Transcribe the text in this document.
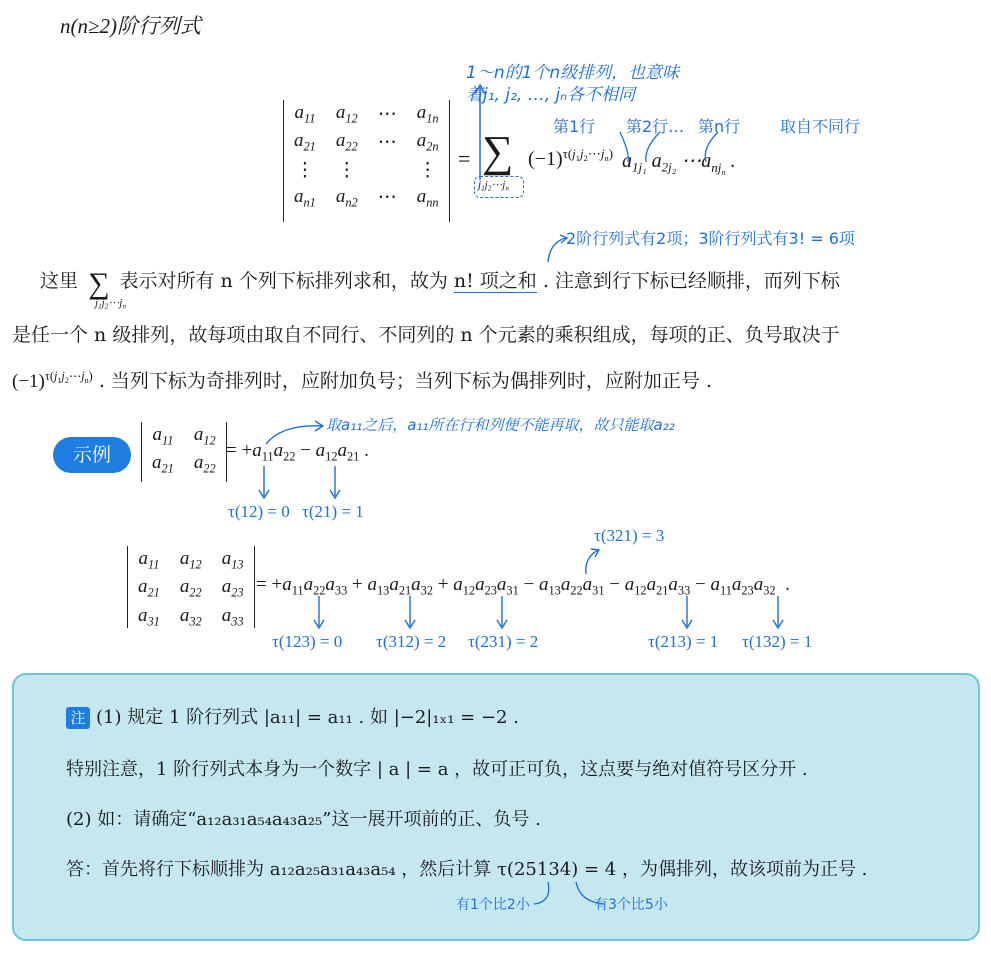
n(n≥2)阶行列式
1～n的1个n级排列，也意味
着j₁, j₂, …, jₙ各不相同
第1行 第2行… 第n行 取自不同行
$a_{11}$	$a_{12}$	⋯	$a_{1n}$
$a_{21}$	$a_{22}$	⋯	$a_{2n}$
⋮	⋮		⋮
$a_{n1}$	$a_{n2}$	⋯	$a_{nn}$
= ∑
$j_1j_2\cdots j_n$
$(-1)^{\tau(j_1j_2\cdots j_n)}$ $a_{1j_1}$ $a_{2j_2}$ $\cdots a_{nj_n}$ .
2阶行列式有2项；3阶行列式有3! = 6项
这里 ∑ 表示对所有 n 个列下标排列求和，故为 n! 项之和 . 注意到行下标已经顺排，而列下标
$j_1j_2\cdots j_n$
是任一个 n 级排列，故每项由取自不同行、不同列的 n 个元素的乘积组成，每项的正、负号取决于
$(-1)^{\tau(j_1j_2\cdots j_n)}$ . 当列下标为奇排列时，应附加负号；当列下标为偶排列时，应附加正号 .
示例
$a_{11}$	$a_{12}$
$a_{21}$	$a_{22}$
= $+a_{11}a_{22} - a_{12}a_{21}$ .
取a₁₁之后，a₁₁所在行和列便不能再取，故只能取a₂₂
τ(12) = 0 τ(21) = 1
τ(321) = 3
$a_{11}$	$a_{12}$	$a_{13}$
$a_{21}$	$a_{22}$	$a_{23}$
$a_{31}$	$a_{32}$	$a_{33}$
= $+a_{11}a_{22}a_{33} + a_{13}a_{21}a_{32} + a_{12}a_{23}a_{31} - a_{13}a_{22}a_{31} - a_{12}a_{21}a_{33} - a_{11}a_{23}a_{32}$  .
τ(123) = 0 τ(312) = 2 τ(231) = 2	τ(213) = 1 τ(132) = 1
注 (1) 规定 1 阶行列式 |a₁₁| = a₁₁ . 如 |−2|₁ₓ₁ = −2 .
特别注意，1 阶行列式本身为一个数字 | a | = a ，故可正可负，这点要与绝对值符号区分开 .
(2) 如：请确定“a₁₂a₃₁a₅₄a₄₃a₂₅”这一展开项前的正、负号 .
答：首先将行下标顺排为 a₁₂a₂₅a₃₁a₄₃a₅₄ ，然后计算 τ(25134) = 4 ，为偶排列，故该项前为正号 .
有1个比2小	有3个比5小
